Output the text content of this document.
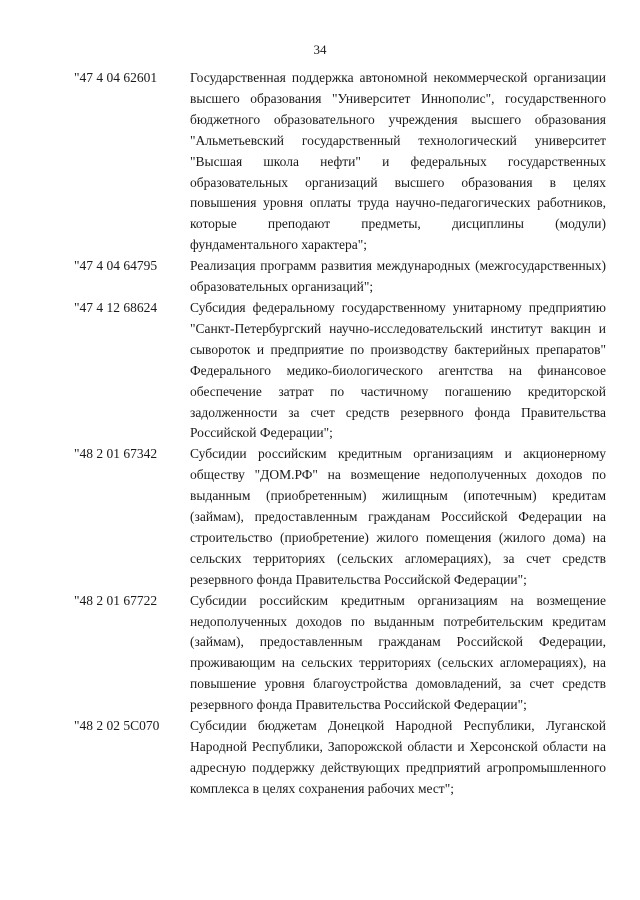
34
"47 4 04 62601	Государственная поддержка автономной некоммерческой организации высшего образования "Университет Иннополис", государственного бюджетного образовательного учреждения высшего образования "Альметьевский государственный технологический университет "Высшая школа нефти" и федеральных государственных образовательных организаций высшего образования в целях повышения уровня оплаты труда научно-педагогических работников, которые преподают предметы, дисциплины (модули) фундаментального характера";
"47 4 04 64795	Реализация программ развития международных (межгосударственных) образовательных организаций";
"47 4 12 68624	Субсидия федеральному государственному унитарному предприятию "Санкт-Петербургский научно-исследовательский институт вакцин и сывороток и предприятие по производству бактерийных препаратов" Федерального медико-биологического агентства на финансовое обеспечение затрат по частичному погашению кредиторской задолженности за счет средств резервного фонда Правительства Российской Федерации";
"48 2 01 67342	Субсидии российским кредитным организациям и акционерному обществу "ДОМ.РФ" на возмещение недополученных доходов по выданным (приобретенным) жилищным (ипотечным) кредитам (займам), предоставленным гражданам Российской Федерации на строительство (приобретение) жилого помещения (жилого дома) на сельских территориях (сельских агломерациях), за счет средств резервного фонда Правительства Российской Федерации";
"48 2 01 67722	Субсидии российским кредитным организациям на возмещение недополученных доходов по выданным потребительским кредитам (займам), предоставленным гражданам Российской Федерации, проживающим на сельских территориях (сельских агломерациях), на повышение уровня благоустройства домовладений, за счет средств резервного фонда Правительства Российской Федерации";
"48 2 02 5С070	Субсидии бюджетам Донецкой Народной Республики, Луганской Народной Республики, Запорожской области и Херсонской области на адресную поддержку действующих предприятий агропромышленного комплекса в целях сохранения рабочих мест";
